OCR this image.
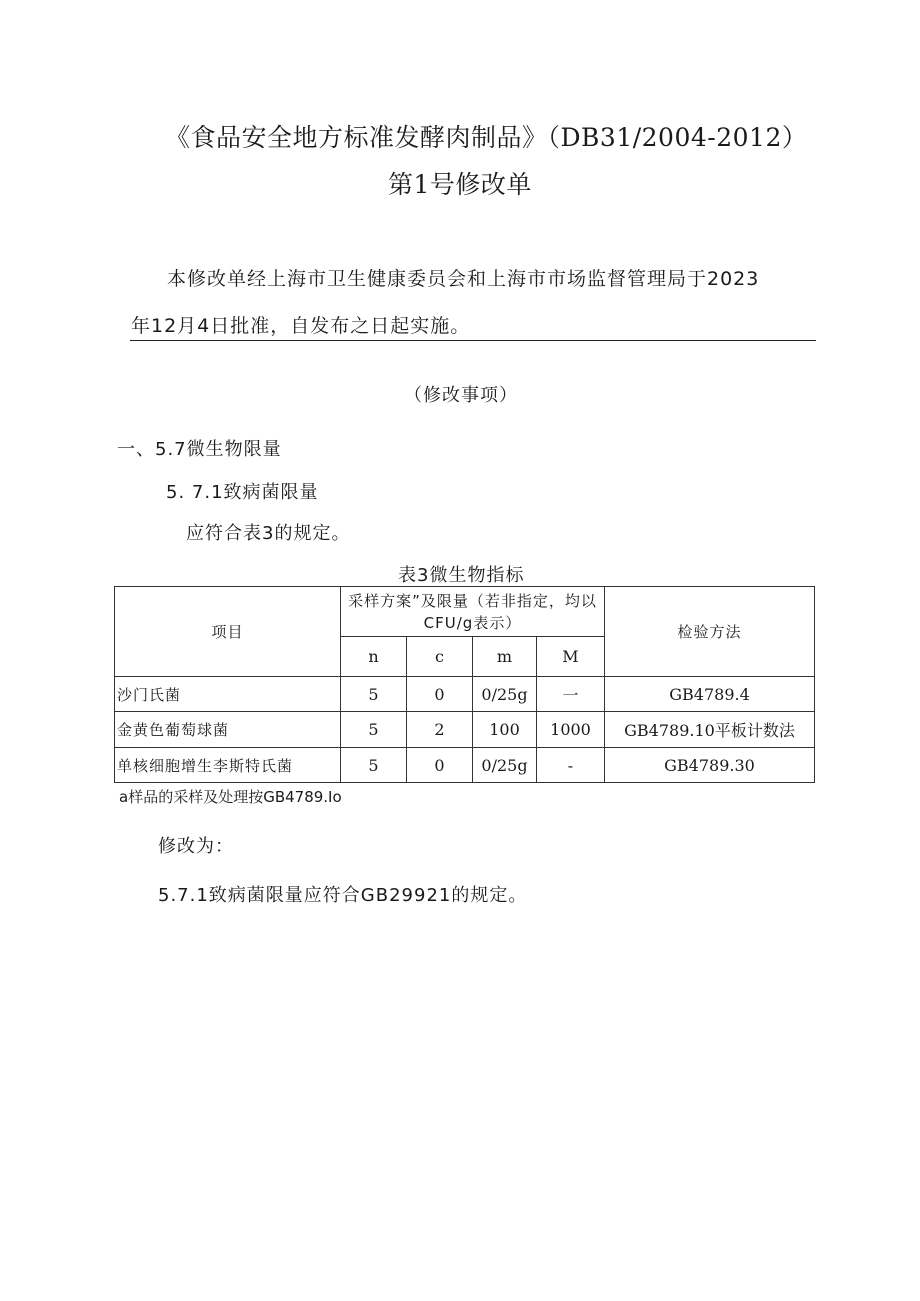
《食品安全地方标准发酵肉制品》（DB31/2004-2012）
第1号修改单
本修改单经上海市卫生健康委员会和上海市市场监督管理局于2023
年12月4日批准，自发布之日起实施。
（修改事项）
一、5.7微生物限量
5. 7.1致病菌限量
应符合表3的规定。
表3微生物指标
项目	采样方案”及限量（若非指定，均以CFU/g表示）				检验方法
	n	c	m	M	
沙门氏菌	5	0	0/25g	一	GB4789.4
金黄色葡萄球菌	5	2	100	1000	GB4789.10平板计数法
单核细胞增生李斯特氏菌	5	0	0/25g	-	GB4789.30
a样品的采样及处理按GB4789.Io
修改为：
5.7.1致病菌限量应符合GB29921的规定。
